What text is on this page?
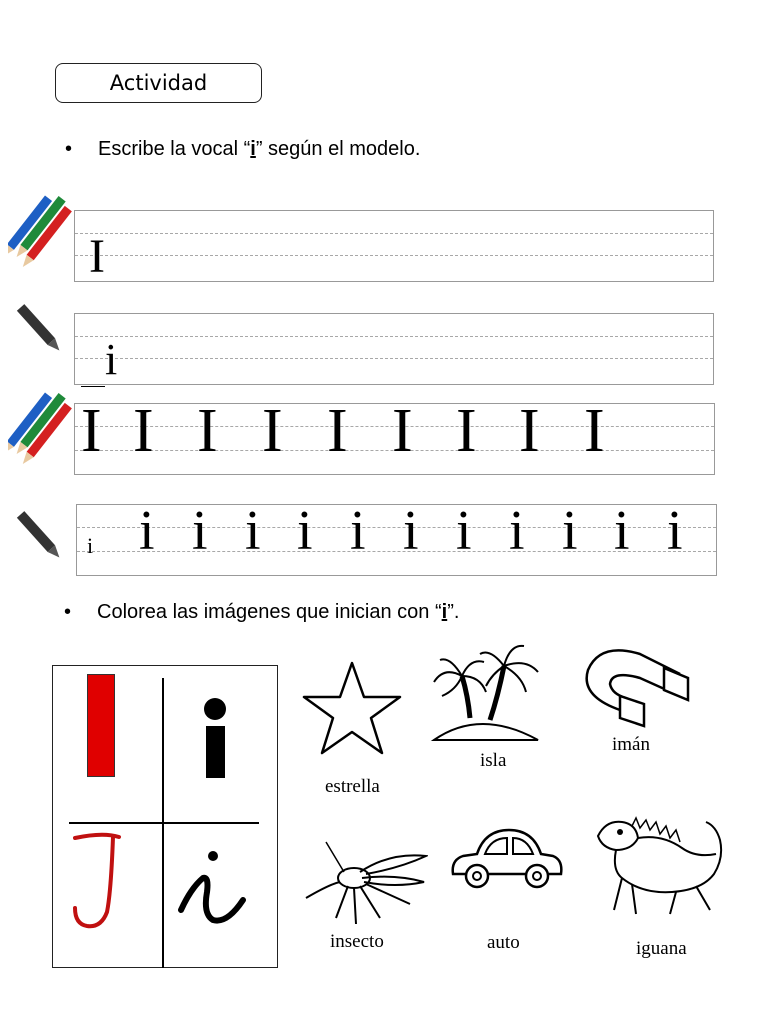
Actividad
• Escribe la vocal “i” según el modelo.
I
i
I I I I I I I I I
i i i i i i i i i i i i
• Colorea las imágenes que inician con “i”.
estrella
isla
imán
insecto	auto	iguana
